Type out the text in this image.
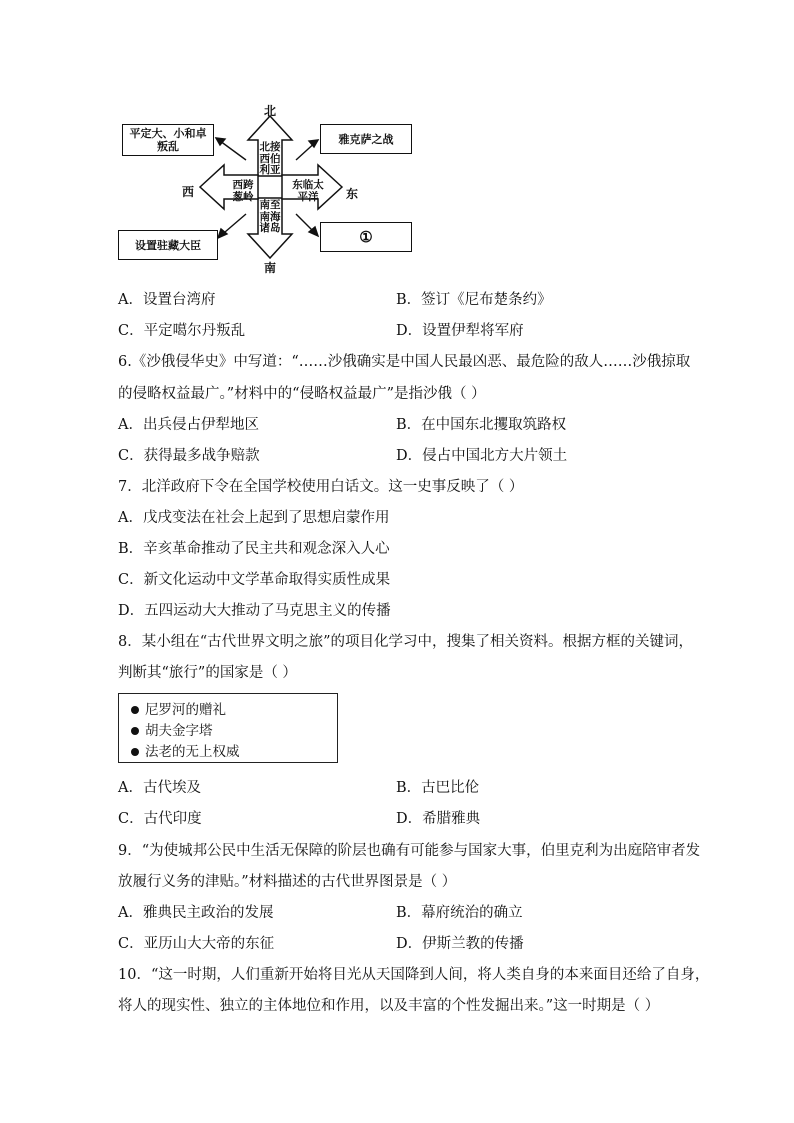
北
南
西	东
北接西伯利亚
南至南海诸岛
西跨葱岭
东临太平洋
平定大、小和卓叛乱
雅克萨之战
设置驻藏大臣	①
A．设置台湾府	B．签订《尼布楚条约》
C．平定噶尔丹叛乱	D．设置伊犁将军府
6.《沙俄侵华史》中写道：“……沙俄确实是中国人民最凶恶、最危险的敌人……沙俄掠取
的侵略权益最广。”材料中的“侵略权益最广”是指沙俄（ ）
A．出兵侵占伊犁地区	B．在中国东北攫取筑路权
C．获得最多战争赔款	D．侵占中国北方大片领土
7．北洋政府下令在全国学校使用白话文。这一史事反映了（ ）
A．戊戌变法在社会上起到了思想启蒙作用
B．辛亥革命推动了民主共和观念深入人心
C．新文化运动中文学革命取得实质性成果
D．五四运动大大推动了马克思主义的传播
8．某小组在“古代世界文明之旅”的项目化学习中，搜集了相关资料。根据方框的关键词，
判断其“旅行”的国家是（ ）
尼罗河的赠礼
胡夫金字塔
法老的无上权威
A．古代埃及	B．古巴比伦
C．古代印度	D．希腊雅典
9．“为使城邦公民中生活无保障的阶层也确有可能参与国家大事，伯里克利为出庭陪审者发
放履行义务的津贴。”材料描述的古代世界图景是（ ）
A．雅典民主政治的发展	B．幕府统治的确立
C．亚历山大大帝的东征	D．伊斯兰教的传播
10．“这一时期，人们重新开始将目光从天国降到人间，将人类自身的本来面目还给了自身，
将人的现实性、独立的主体地位和作用，以及丰富的个性发掘出来。”这一时期是（ ）
